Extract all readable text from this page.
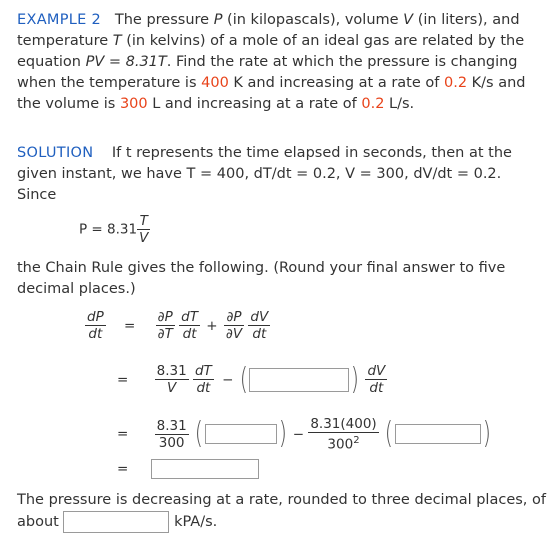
EXAMPLE 2 The pressure P (in kilopascals), volume V (in liters), and temperature T (in kelvins) of a mole of an ideal gas are related by the equation PV = 8.31T. Find the rate at which the pressure is changing when the temperature is 400 K and increasing at a rate of 0.2 K/s and the volume is 300 L and increasing at a rate of 0.2 L/s.
SOLUTION If t represents the time elapsed in seconds, then at the given instant, we have T = 400, dT/dt = 0.2, V = 300, dV/dt = 0.2.
Since
$P = 8.31 \frac{T}{V}$
the Chain Rule gives the following. (Round your final answer to five decimal places.)
$\frac{dP}{dt} = \frac{\partial P}{\partial T}$
$\frac{dT}{dt} + \frac{\partial P}{\partial V}$
$\frac{dV}{dt}$
= $\frac{8.31}{V}$
$\frac{dT}{dt}$ − (	) $\frac{dV}{dt}$
= $\frac{8.31}{300}$ (	) − $\frac{8.31(400)}{300^2}$ (	)
=
The pressure is decreasing at a rate, rounded to three decimal places, of
about	kPA/s.
